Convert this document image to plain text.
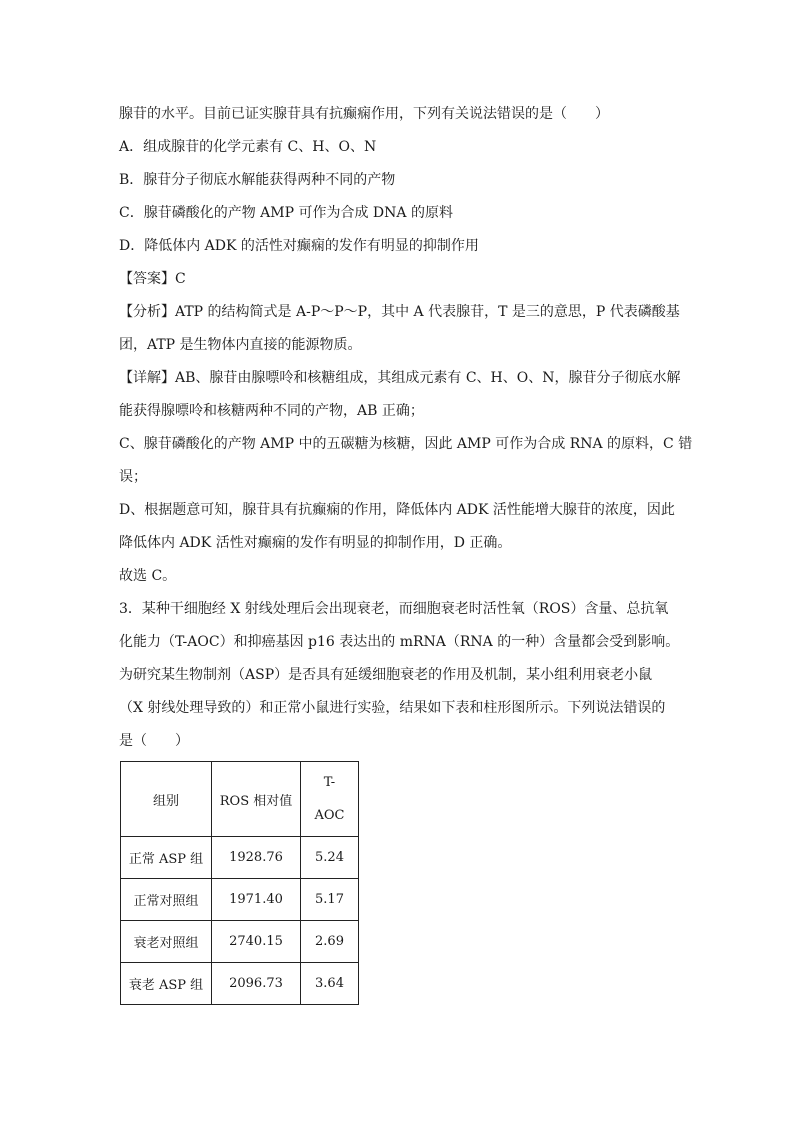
腺苷的水平。目前已证实腺苷具有抗癫痫作用，下列有关说法错误的是（　　）

A．组成腺苷的化学元素有 C、H、O、N

B．腺苷分子彻底水解能获得两种不同的产物

C．腺苷磷酸化的产物 AMP 可作为合成 DNA 的原料

D．降低体内 ADK 的活性对癫痫的发作有明显的抑制作用

【答案】C

【分析】ATP 的结构简式是 A-P～P～P，其中 A 代表腺苷，T 是三的意思，P 代表磷酸基

团，ATP 是生物体内直接的能源物质。

【详解】AB、腺苷由腺嘌呤和核糖组成，其组成元素有 C、H、O、N，腺苷分子彻底水解

能获得腺嘌呤和核糖两种不同的产物，AB 正确；

C、腺苷磷酸化的产物 AMP 中的五碳糖为核糖，因此 AMP 可作为合成 RNA 的原料，C 错

误；

D、根据题意可知，腺苷具有抗癫痫的作用，降低体内 ADK 活性能增大腺苷的浓度，因此

降低体内 ADK 活性对癫痫的发作有明显的抑制作用，D 正确。

故选 C。

3．某种干细胞经 X 射线处理后会出现衰老，而细胞衰老时活性氧（ROS）含量、总抗氧

化能力（T-AOC）和抑癌基因 p16 表达出的 mRNA（RNA 的一种）含量都会受到影响。

为研究某生物制剂（ASP）是否具有延缓细胞衰老的作用及机制，某小组利用衰老小鼠

（X 射线处理导致的）和正常小鼠进行实验，结果如下表和柱形图所示。下列说法错误的

是（　　）

组别	ROS 相对值	T-
AOC

正常 ASP 组	1928.76	5.24
正常对照组	1971.40	5.17
衰老对照组	2740.15	2.69
衰老 ASP 组	2096.73	3.64
